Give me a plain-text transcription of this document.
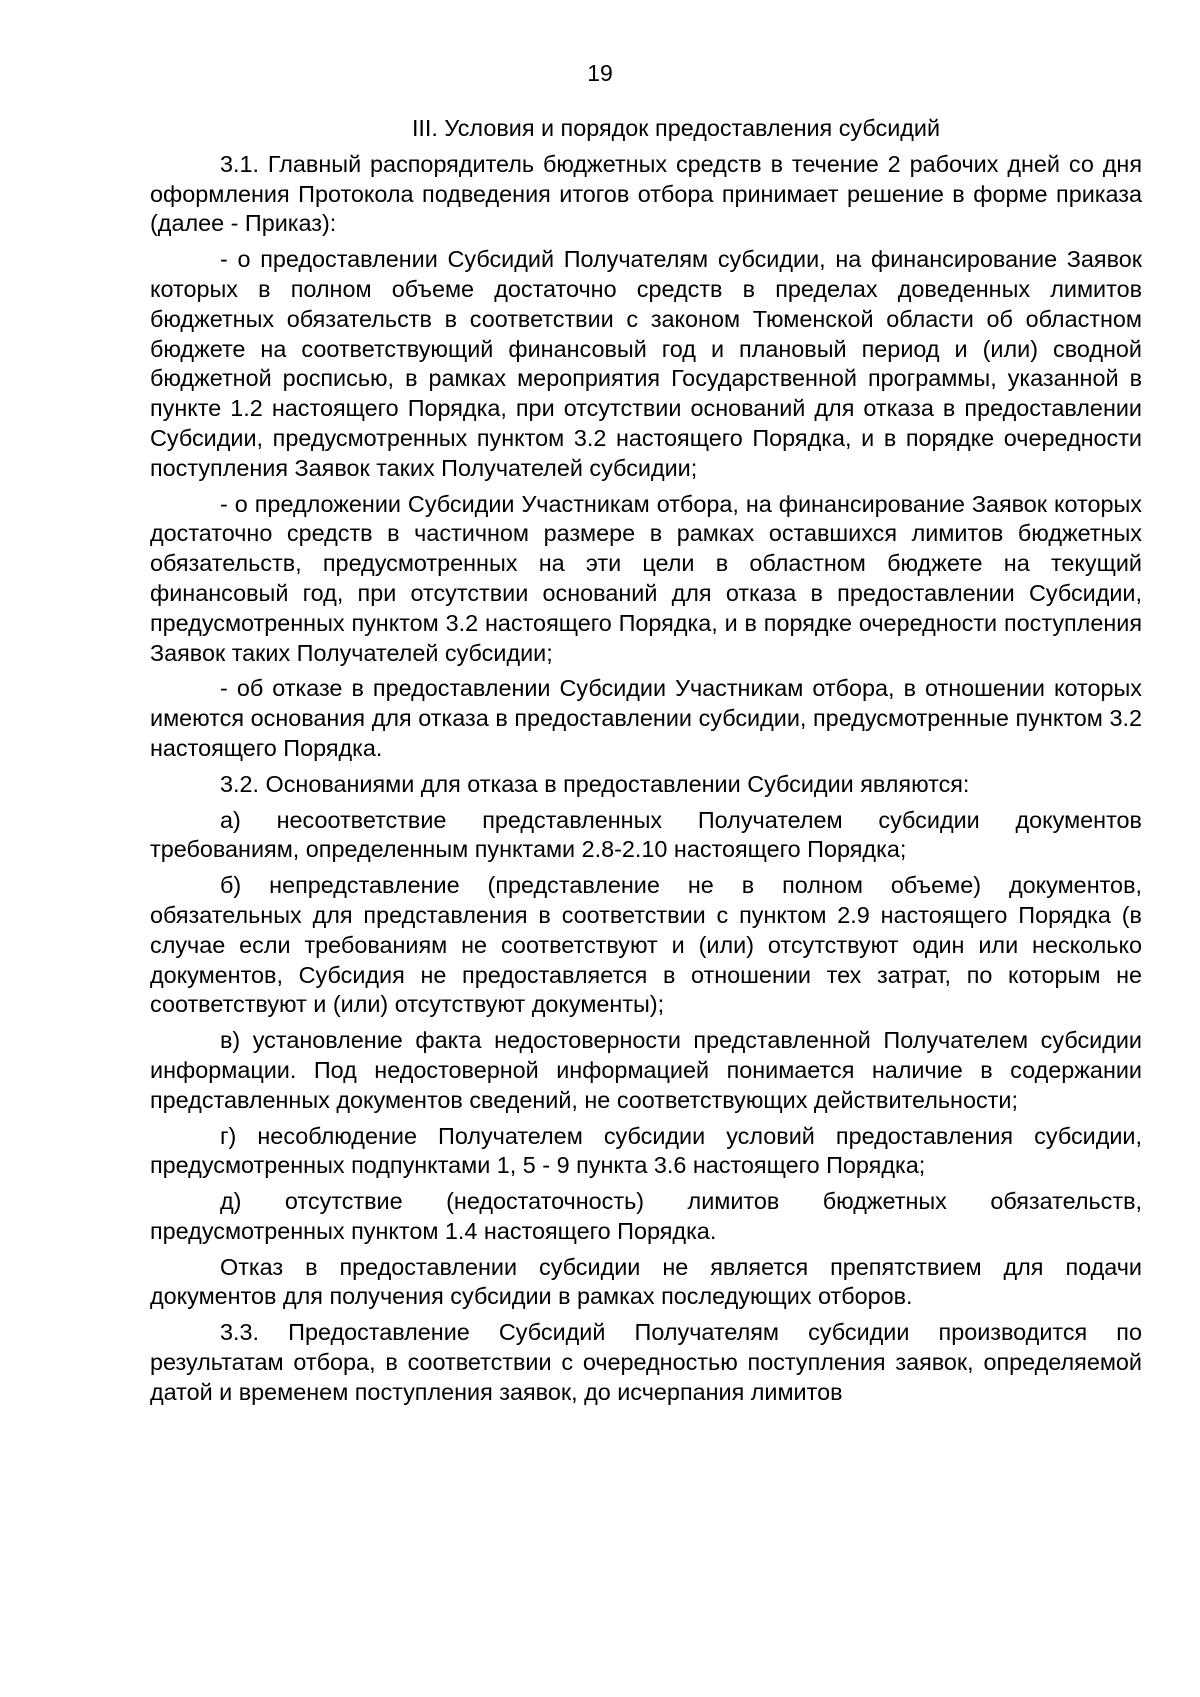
19
III. Условия и порядок предоставления субсидий

3.1. Главный распорядитель бюджетных средств в течение 2 рабочих дней со дня оформления Протокола подведения итогов отбора принимает решение в форме приказа (далее - Приказ):

- о предоставлении Субсидий Получателям субсидии, на финансирование Заявок которых в полном объеме достаточно средств в пределах доведенных лимитов бюджетных обязательств в соответствии с законом Тюменской области об областном бюджете на соответствующий финансовый год и плановый период и (или) сводной бюджетной росписью, в рамках мероприятия Государственной программы, указанной в пункте 1.2 настоящего Порядка, при отсутствии оснований для отказа в предоставлении Субсидии, предусмотренных пунктом 3.2 настоящего Порядка, и в порядке очередности поступления Заявок таких Получателей субсидии;

- о предложении Субсидии Участникам отбора, на финансирование Заявок которых достаточно средств в частичном размере в рамках оставшихся лимитов бюджетных обязательств, предусмотренных на эти цели в областном бюджете на текущий финансовый год, при отсутствии оснований для отказа в предоставлении Субсидии, предусмотренных пунктом 3.2 настоящего Порядка, и в порядке очередности поступления Заявок таких Получателей субсидии;

- об отказе в предоставлении Субсидии Участникам отбора, в отношении которых имеются основания для отказа в предоставлении субсидии, предусмотренные пунктом 3.2 настоящего Порядка.

3.2. Основаниями для отказа в предоставлении Субсидии являются:

а) несоответствие представленных Получателем субсидии документов требованиям, определенным пунктами 2.8-2.10 настоящего Порядка;

б) непредставление (представление не в полном объеме) документов, обязательных для представления в соответствии с пунктом 2.9 настоящего Порядка (в случае если требованиям не соответствуют и (или) отсутствуют один или несколько документов, Субсидия не предоставляется в отношении тех затрат, по которым не соответствуют и (или) отсутствуют документы);

в) установление факта недостоверности представленной Получателем субсидии информации. Под недостоверной информацией понимается наличие в содержании представленных документов сведений, не соответствующих действительности;

г) несоблюдение Получателем субсидии условий предоставления субсидии, предусмотренных подпунктами 1, 5 - 9 пункта 3.6 настоящего Порядка;

д) отсутствие (недостаточность) лимитов бюджетных обязательств, предусмотренных пунктом 1.4 настоящего Порядка.

Отказ в предоставлении субсидии не является препятствием для подачи документов для получения субсидии в рамках последующих отборов.

3.3. Предоставление Субсидий Получателям субсидии производится по результатам отбора, в соответствии с очередностью поступления заявок, определяемой датой и временем поступления заявок, до исчерпания лимитов
